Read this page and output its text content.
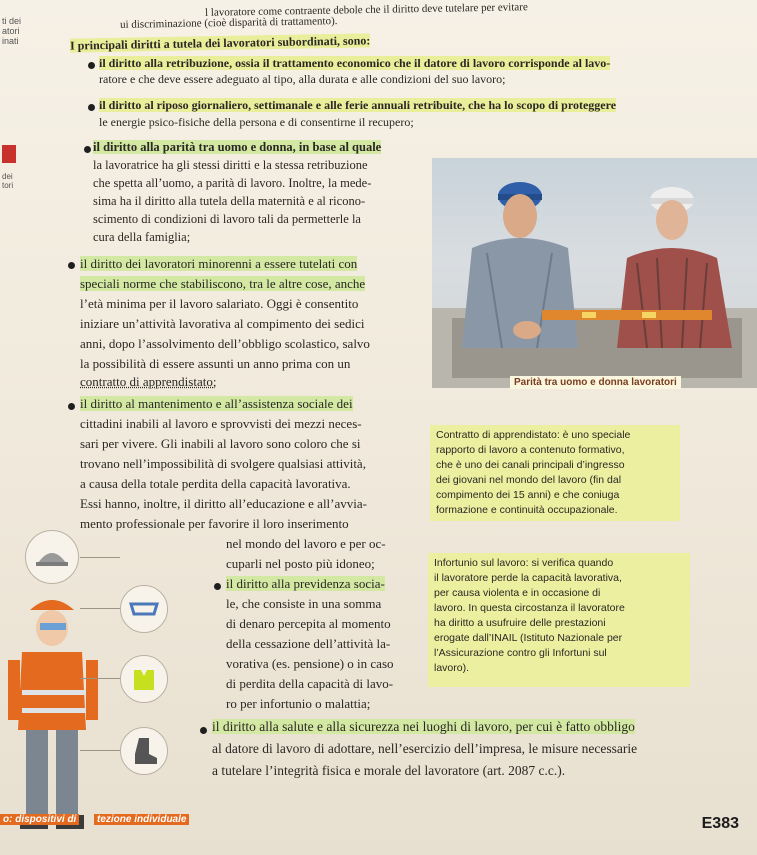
ti dei
atori
inati
dei
tori
l lavoratore come contraente debole che il diritto deve tutelare per evitare
ui discriminazione (cioè disparità di trattamento).
I principali diritti a tutela dei lavoratori subordinati, sono:
il diritto alla retribuzione, ossia il trattamento economico che il datore di lavoro corrisponde al lavo-
ratore e che deve essere adeguato al tipo, alla durata e alle condizioni del suo lavoro;
il diritto al riposo giornaliero, settimanale e alle ferie annuali retribuite, che ha lo scopo di proteggere
le energie psico-fisiche della persona e di consentirne il recupero;
il diritto alla parità tra uomo e donna, in base al quale
la lavoratrice ha gli stessi diritti e la stessa retribuzione
che spetta all’uomo, a parità di lavoro. Inoltre, la mede-
sima ha il diritto alla tutela della maternità e al ricono-
scimento di condizioni di lavoro tali da permetterle la
cura della famiglia;
il diritto dei lavoratori minorenni a essere tutelati con
speciali norme che stabiliscono, tra le altre cose, anche
l’età minima per il lavoro salariato. Oggi è consentito
iniziare un’attività lavorativa al compimento dei sedici
anni, dopo l’assolvimento dell’obbligo scolastico, salvo
la possibilità di essere assunti un anno prima con un
contratto di apprendistato;	Parità tra uomo e donna lavoratori
il diritto al mantenimento e all’assistenza sociale dei
cittadini inabili al lavoro e sprovvisti dei mezzi neces-
sari per vivere. Gli inabili al lavoro sono coloro che si
trovano nell’impossibilità di svolgere qualsiasi attività,
a causa della totale perdita della capacità lavorativa.
Essi hanno, inoltre, il diritto all’educazione e all’avvia-
mento professionale per favorire il loro inserimento
nel mondo del lavoro e per oc-
cuparli nel posto più idoneo;
Contratto di apprendistato: è uno speciale
rapporto di lavoro a contenuto formativo,
che è uno dei canali principali d’ingresso
dei giovani nel mondo del lavoro (fin dal
compimento dei 15 anni) e che coniuga
formazione e continuità occupazionale.
Infortunio sul lavoro: si verifica quando
il lavoratore perde la capacità lavorativa,
per causa violenta e in occasione di
lavoro. In questa circostanza il lavoratore
ha diritto a usufruire delle prestazioni
erogate dall’INAIL (Istituto Nazionale per
l’Assicurazione contro gli Infortuni sul
lavoro).
il diritto alla previdenza socia-
le, che consiste in una somma
di denaro percepita al momento
della cessazione dell’attività la-
vorativa (es. pensione) o in caso
di perdita della capacità di lavo-
ro per infortunio o malattia;
il diritto alla salute e alla sicurezza nei luoghi di lavoro, per cui è fatto obbligo
al datore di lavoro di adottare, nell’esercizio dell’impresa, le misure necessarie
a tutelare l’integrità fisica e morale del lavoratore (art. 2087 c.c.).
o: dispositivi di	tezione individuale	E383
